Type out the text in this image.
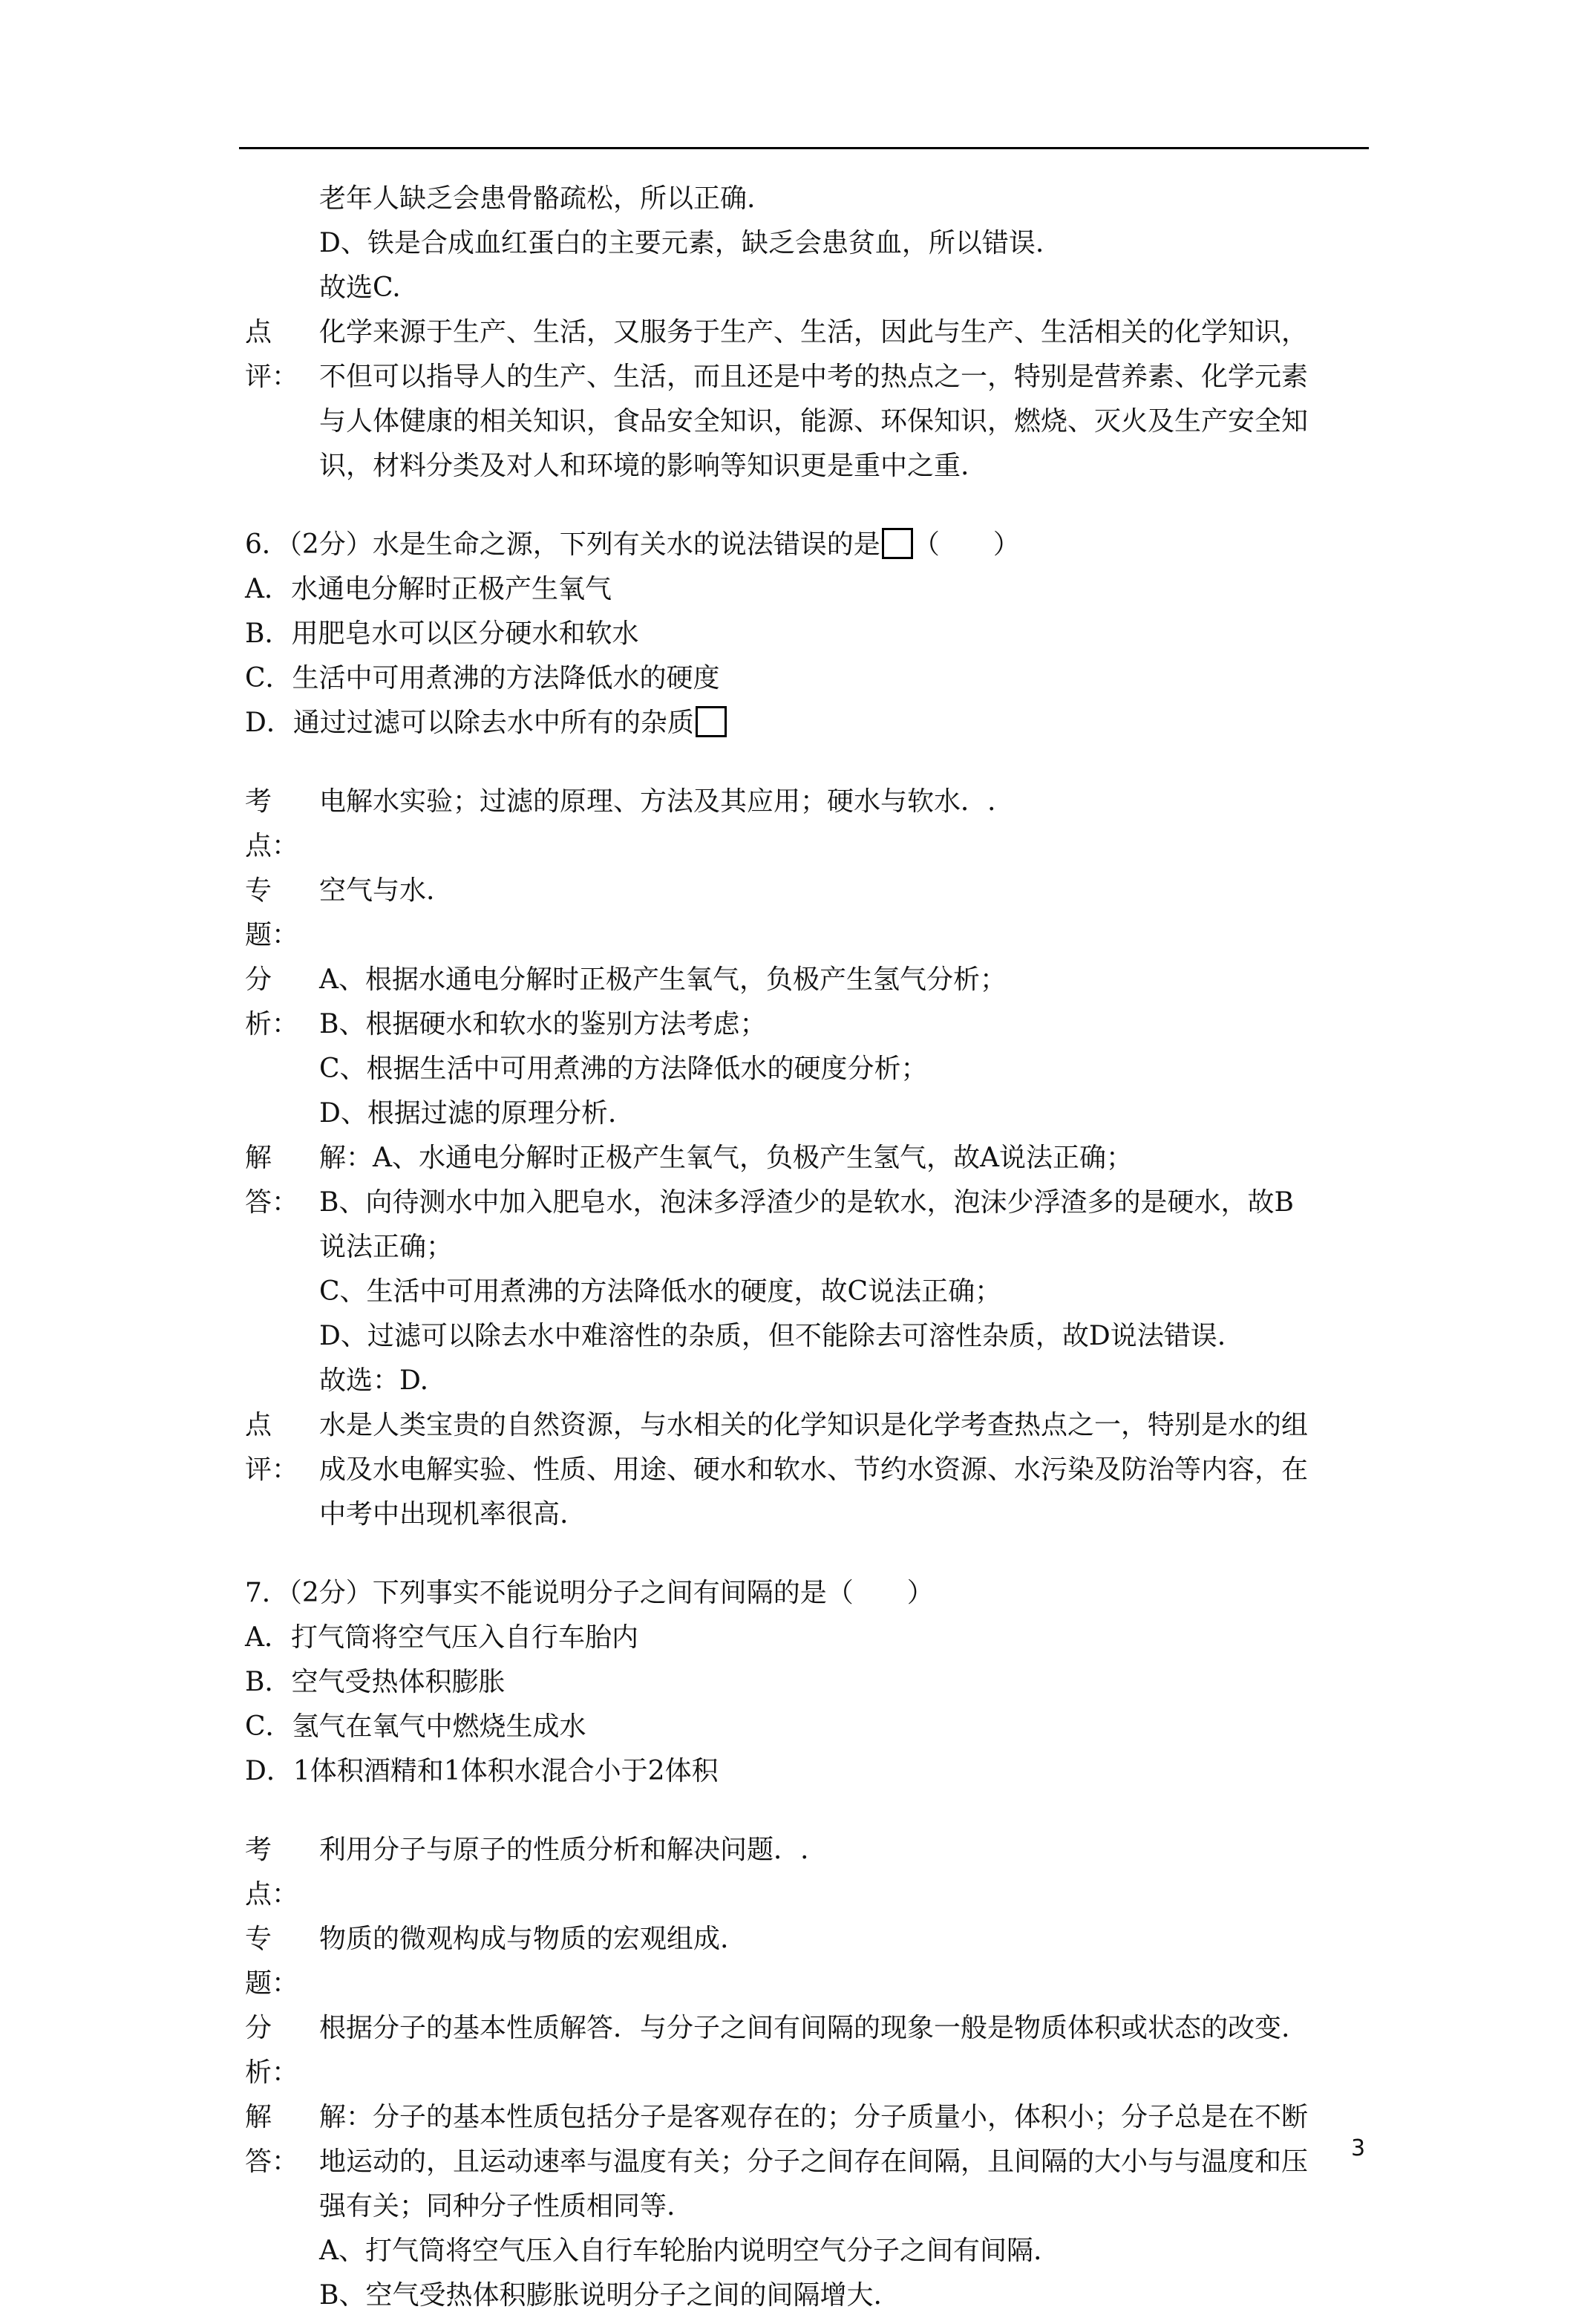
老年人缺乏会患骨骼疏松，所以正确.
D、铁是合成血红蛋白的主要元素，缺乏会患贫血，所以错误.
故选C.
点评：
化学来源于生产、生活，又服务于生产、生活，因此与生产、生活相关的化学知识，
不但可以指导人的生产、生活，而且还是中考的热点之一，特别是营养素、化学元素
与人体健康的相关知识，食品安全知识，能源、环保知识，燃烧、灭火及生产安全知
识，材料分类及对人和环境的影响等知识更是重中之重.
6．（2分）水是生命之源，下列有关水的说法错误的是 （　　）
A．水通电分解时正极产生氧气
B．用肥皂水可以区分硬水和软水
C．生活中可用煮沸的方法降低水的硬度
D．通过过滤可以除去水中所有的杂质
考点：
电解水实验；过滤的原理、方法及其应用；硬水与软水．.
专题：
空气与水.
分析：
A、根据水通电分解时正极产生氧气，负极产生氢气分析；
B、根据硬水和软水的鉴别方法考虑；
C、根据生活中可用煮沸的方法降低水的硬度分析；
D、根据过滤的原理分析.
解答：
解：A、水通电分解时正极产生氧气，负极产生氢气，故A说法正确；
B、向待测水中加入肥皂水，泡沫多浮渣少的是软水，泡沫少浮渣多的是硬水，故B
说法正确；
C、生活中可用煮沸的方法降低水的硬度，故C说法正确；
D、过滤可以除去水中难溶性的杂质，但不能除去可溶性杂质，故D说法错误.
故选：D.
点评：
水是人类宝贵的自然资源，与水相关的化学知识是化学考查热点之一，特别是水的组
成及水电解实验、性质、用途、硬水和软水、节约水资源、水污染及防治等内容，在
中考中出现机率很高.
7．（2分）下列事实不能说明分子之间有间隔的是（　　）
A．打气筒将空气压入自行车胎内
B．空气受热体积膨胀
C．氢气在氧气中燃烧生成水
D．1体积酒精和1体积水混合小于2体积
考点：
利用分子与原子的性质分析和解决问题．.
专题：
物质的微观构成与物质的宏观组成.
分析：
根据分子的基本性质解答．与分子之间有间隔的现象一般是物质体积或状态的改变.
解答：
解：分子的基本性质包括分子是客观存在的；分子质量小，体积小；分子总是在不断
地运动的，且运动速率与温度有关；分子之间存在间隔，且间隔的大小与与温度和压
强有关；同种分子性质相同等.
A、打气筒将空气压入自行车轮胎内说明空气分子之间有间隔.
B、空气受热体积膨胀说明分子之间的间隔增大.
3
